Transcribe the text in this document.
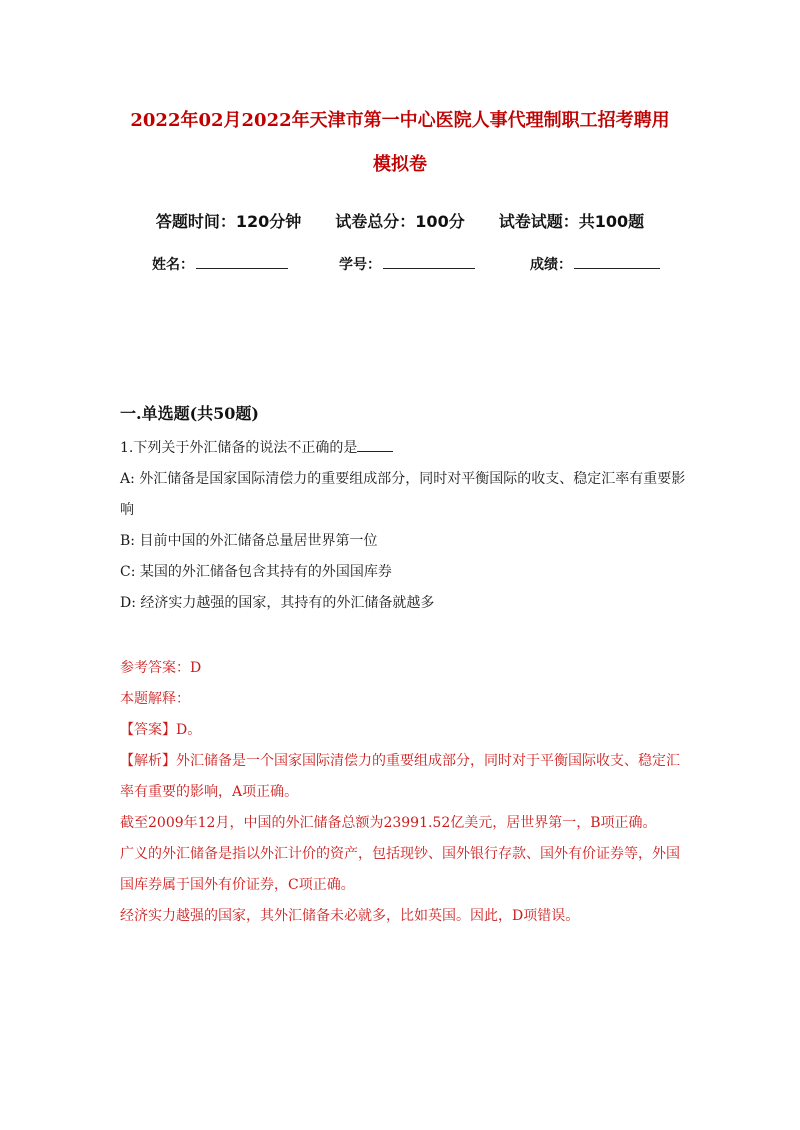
2022年02月2022年天津市第一中心医院人事代理制职工招考聘用
模拟卷
答题时间：120分钟 试卷总分：100分 试卷试题：共100题
姓名：	学号：	成绩：
一.单选题(共50题)

1.下列关于外汇储备的说法不正确的是

A: 外汇储备是国家国际清偿力的重要组成部分，同时对平衡国际的收支、稳定汇率有重要影响

B: 目前中国的外汇储备总量居世界第一位

C: 某国的外汇储备包含其持有的外国国库券

D: 经济实力越强的国家，其持有的外汇储备就越多

参考答案：D

本题解释：

【答案】D。

【解析】外汇储备是一个国家国际清偿力的重要组成部分，同时对于平衡国际收支、稳定汇率有重要的影响，A项正确。

截至2009年12月，中国的外汇储备总额为23991.52亿美元，居世界第一，B项正确。

广义的外汇储备是指以外汇计价的资产，包括现钞、国外银行存款、国外有价证券等，外国国库券属于国外有价证券，C项正确。

经济实力越强的国家，其外汇储备未必就多，比如英国。因此，D项错误。
